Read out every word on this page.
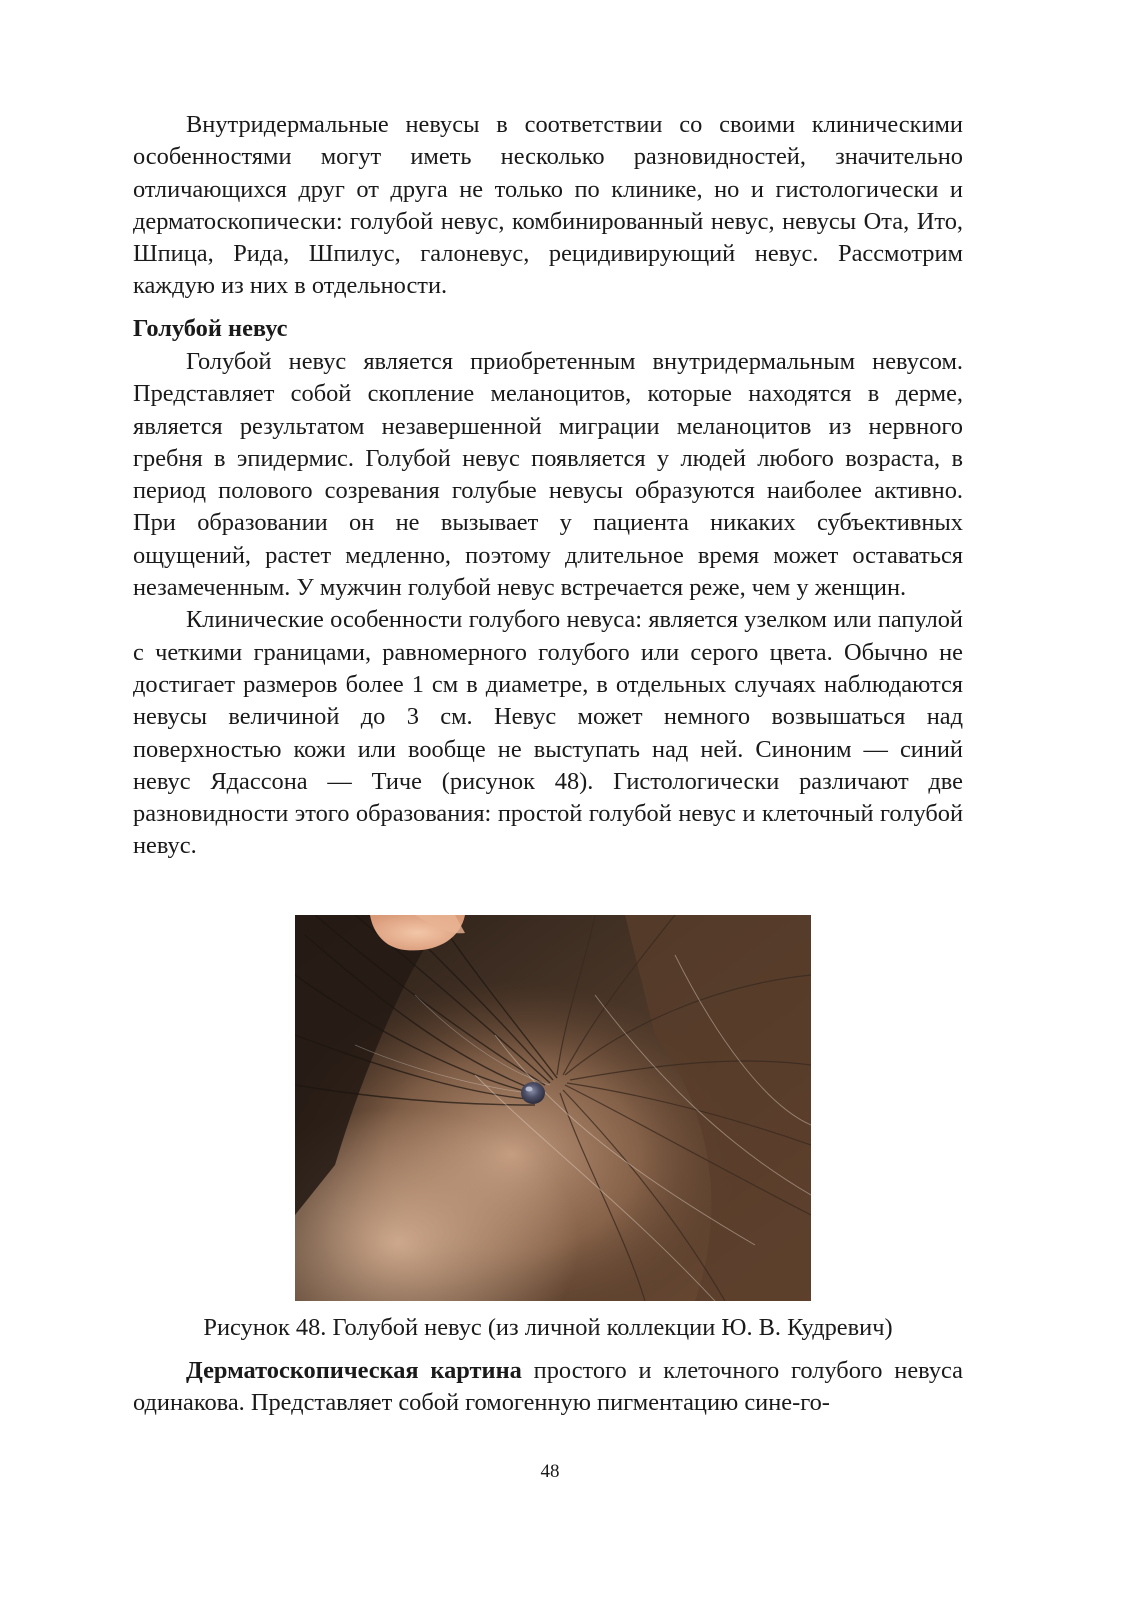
Внутридермальные невусы в соответствии со своими клиническими особенностями могут иметь несколько разновидностей, значительно отличающихся друг от друга не только по клинике, но и гистологически и дерматоскопически: голубой невус, комбинированный невус, невусы Ота, Ито, Шпица, Рида, Шпилус, галоневус, рецидивирующий невус. Рассмотрим каждую из них в отдельности.

Голубой невус

Голубой невус является приобретенным внутридермальным невусом. Представляет собой скопление меланоцитов, которые находятся в дерме, является результатом незавершенной миграции меланоцитов из нервного гребня в эпидермис. Голубой невус появляется у людей любого возраста, в период полового созревания голубые невусы образуются наиболее активно. При образовании он не вызывает у пациента никаких субъективных ощущений, растет медленно, поэтому длительное время может оставаться незамеченным. У мужчин голубой невус встречается реже, чем у женщин.

Клинические особенности голубого невуса: является узелком или папулой с четкими границами, равномерного голубого или серого цвета. Обычно не достигает размеров более 1 см в диаметре, в отдельных случаях наблюдаются невусы величиной до 3 см. Невус может немного возвышаться над поверхностью кожи или вообще не выступать над ней. Синоним — синий невус Ядассона — Тиче (рисунок 48). Гистологически различают две разновидности этого образования: простой голубой невус и клеточный голубой невус.

Рисунок 48. Голубой невус (из личной коллекции Ю. В. Кудревич)

Дерматоскопическая картина простого и клеточного голубого невуса одинакова. Представляет собой гомогенную пигментацию сине-го-

48
